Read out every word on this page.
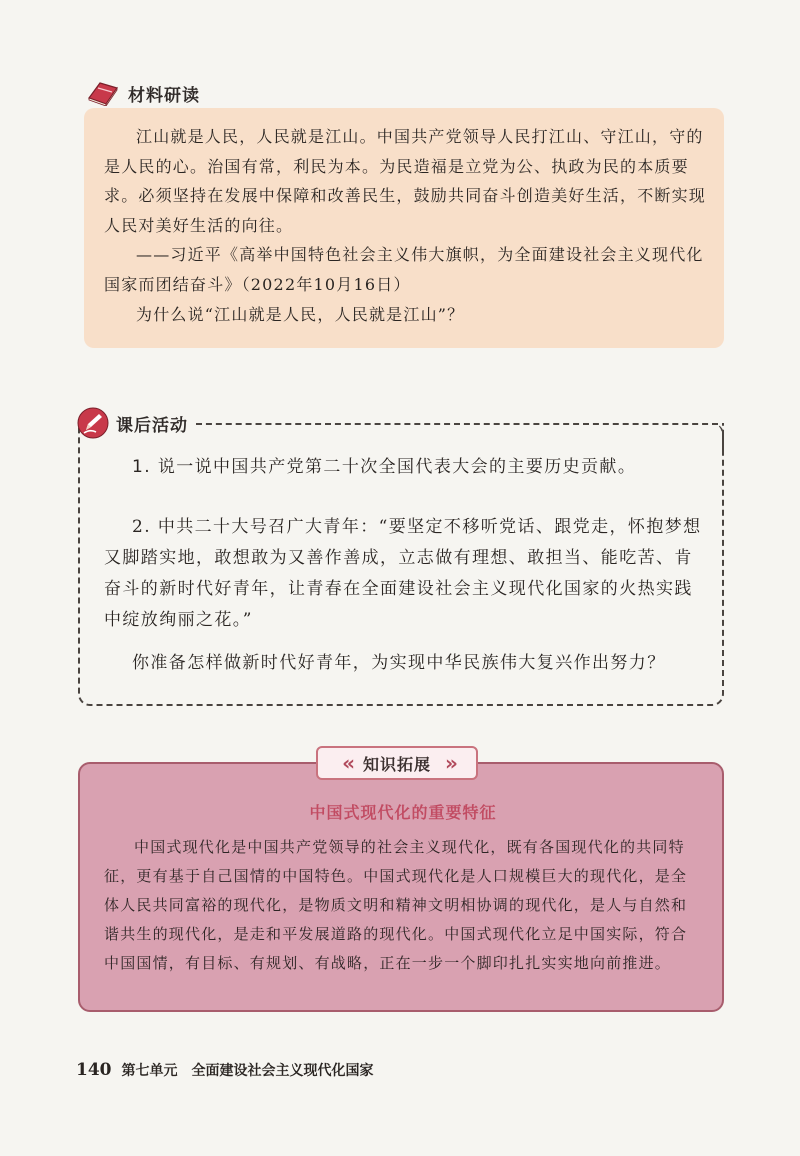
材料研读

江山就是人民，人民就是江山。中国共产党领导人民打江山、守江山，守的是人民的心。治国有常，利民为本。为民造福是立党为公、执政为民的本质要求。必须坚持在发展中保障和改善民生，鼓励共同奋斗创造美好生活，不断实现人民对美好生活的向往。

——习近平《高举中国特色社会主义伟大旗帜，为全面建设社会主义现代化国家而团结奋斗》（2022年10月16日）

为什么说“江山就是人民，人民就是江山”？

课后活动
1. 说一说中国共产党第二十次全国代表大会的主要历史贡献。
2. 中共二十大号召广大青年：“要坚定不移听党话、跟党走，怀抱梦想又脚踏实地，敢想敢为又善作善成，立志做有理想、敢担当、能吃苦、肯奋斗的新时代好青年，让青春在全面建设社会主义现代化国家的火热实践中绽放绚丽之花。”
你准备怎样做新时代好青年，为实现中华民族伟大复兴作出努力？
中国式现代化的重要特征
中国式现代化是中国共产党领导的社会主义现代化，既有各国现代化的共同特征，更有基于自己国情的中国特色。中国式现代化是人口规模巨大的现代化，是全体人民共同富裕的现代化，是物质文明和精神文明相协调的现代化，是人与自然和谐共生的现代化，是走和平发展道路的现代化。中国式现代化立足中国实际，符合中国国情，有目标、有规划、有战略，正在一步一个脚印扎扎实实地向前推进。
« 知识拓展 »
140 第七单元 全面建设社会主义现代化国家
